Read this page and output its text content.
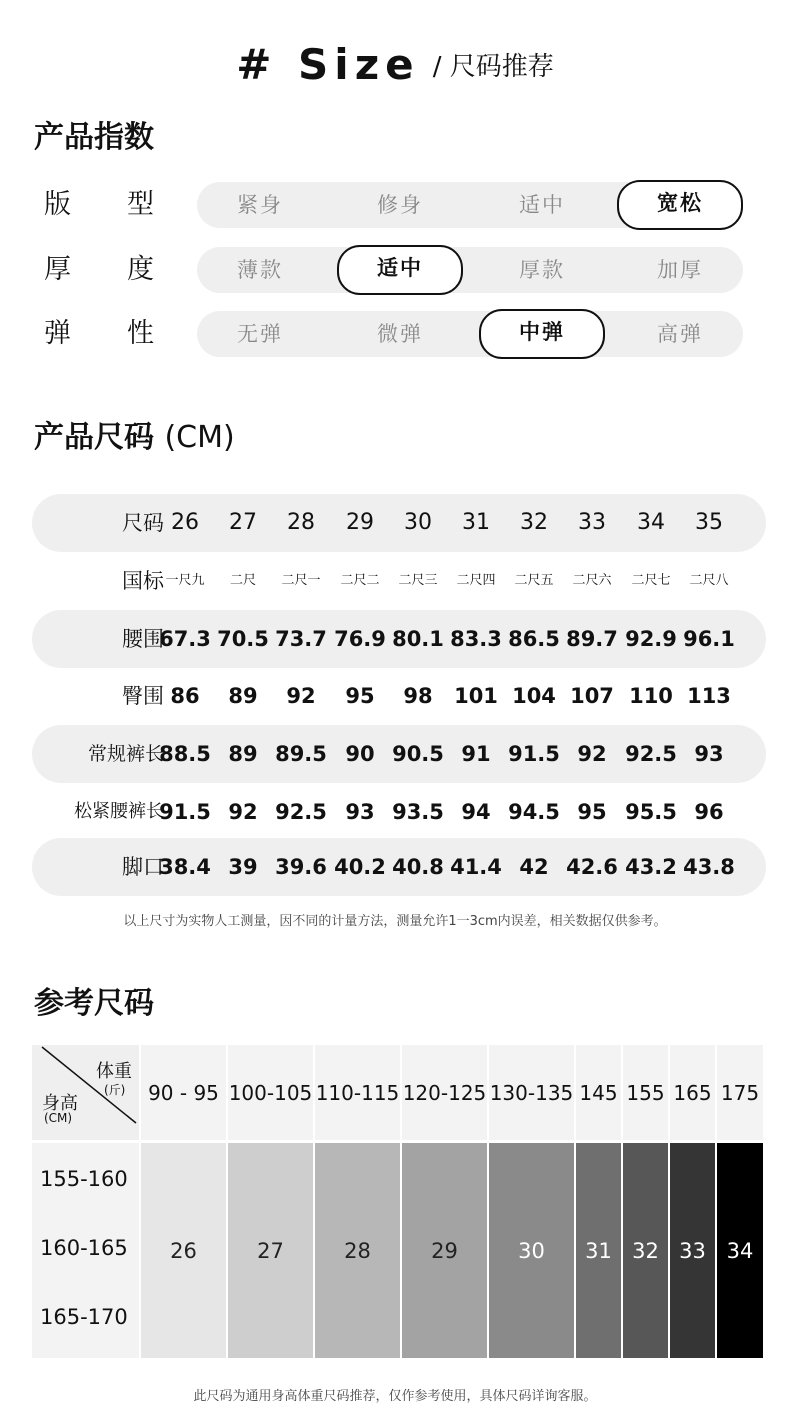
# Size / 尺码推荐
产品指数
版 型	紧身	修身	适中	宽松
厚 度	薄款	适中	厚款	加厚
弹 性	无弹	微弹	中弹	高弹
产品尺码 (CM)
尺码 26	27	28	29	30	31	32	33	34	35
国标 一尺九	二尺	二尺一	二尺二	二尺三	二尺四	二尺五	二尺六	二尺七	二尺八
腰围
67.3 70.5 73.7 76.9 80.1 83.3 86.5 89.7 92.9 96.1
臀围 86	89	92	95	98	101 104 107 110 113
常规裤长
88.5 89 89.5 90 90.5 91 91.5 92 92.5 93
松紧腰裤长
91.5 92 92.5 93 93.5 94 94.5 95 95.5 96
脚口
38.4 39 39.6 40.2 40.8 41.4 42 42.6 43.2 43.8
以上尺寸为实物人工测量，因不同的计量方法，测量允许1一3cm内误差，相关数据仅供参考。
参考尺码
体重
(斤)
身高
(CM)
90 - 95 100-105 110-115 120-125 130-135 145 155 165 175
155-160
160-165
165-170
26	27	28	29	30	31 32 33 34
此尺码为通用身高体重尺码推荐，仅作参考使用，具体尺码详询客服。
